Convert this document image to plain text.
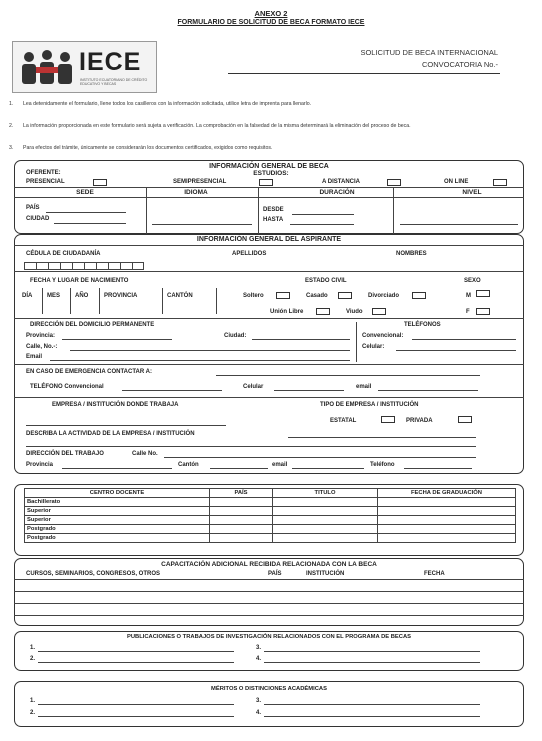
ANEXO 2
FORMULARIO DE SOLICITUD DE BECA FORMATO IECE
IECE
INSTITUTO ECUATORIANO DE CRÉDITO EDUCATIVO Y BECAS
SOLICITUD DE BECA INTERNACIONAL
CONVOCATORIA No.-
1. Lea detenidamente el formulario, llene todos los casilleros con la información solicitada, utilice letra de imprenta para llenarlo.
2. La información proporcionada en este formulario será sujeta a verificación. La comprobación en la falsedad de la misma determinará la eliminación del proceso de beca.
3. Para efectos del trámite, únicamente se considerarán los documentos certificados, exigidos como requisitos.
INFORMACIÓN GENERAL DE BECA
OFERENTE:	ESTUDIOS:
PRESENCIAL	SEMIPRESENCIAL	A DISTANCIA	ON LINE
SEDE	IDIOMA	DURACIÓN	NIVEL
PAÍS
CIUDAD
DESDE
HASTA
INFORMACIÓN GENERAL DEL ASPIRANTE
CÉDULA DE CIUDADANÍA	APELLIDOS	NOMBRES
FECHA Y LUGAR DE NACIMIENTO	ESTADO CIVIL	SEXO
DÍA MES AÑO	PROVINCIA	CANTÓN	Soltero	Casado	Divorciado
Unión Libre	Viudo
M
F
DIRECCIÓN DEL DOMICILIO PERMANENTE	TELÉFONOS
Provincia:	Ciudad:
Calle, No.-:
Email
Convencional:
Celular:
EN CASO DE EMERGENCIA CONTACTAR A:
TELÉFONO Convencional	Celular	email
EMPRESA / INSTITUCIÓN DONDE TRABAJA	TIPO DE EMPRESA / INSTITUCIÓN
ESTATAL	PRIVADA
DESCRIBA LA ACTIVIDAD DE LA EMPRESA / INSTITUCIÓN
DIRECCIÓN DEL TRABAJO	Calle No.
Provincia	Cantón	email	Teléfono
CENTRO DOCENTE	PAÍS	TITULO	FECHA DE GRADUACIÓN
Bachillerato			
Superior			
Superior			
Postgrado			
Postgrado			
CAPACITACIÓN ADICIONAL RECIBIDA RELACIONADA CON LA BECA
CURSOS, SEMINARIOS, CONGRESOS, OTROS	PAÍS	INSTITUCIÓN	FECHA
PUBLICACIONES O TRABAJOS DE INVESTIGACIÓN RELACIONADOS CON EL PROGRAMA DE BECAS
1.	3.
2.	4.
MÉRITOS O DISTINCIONES ACADÉMICAS
1.	3.
2.	4.
